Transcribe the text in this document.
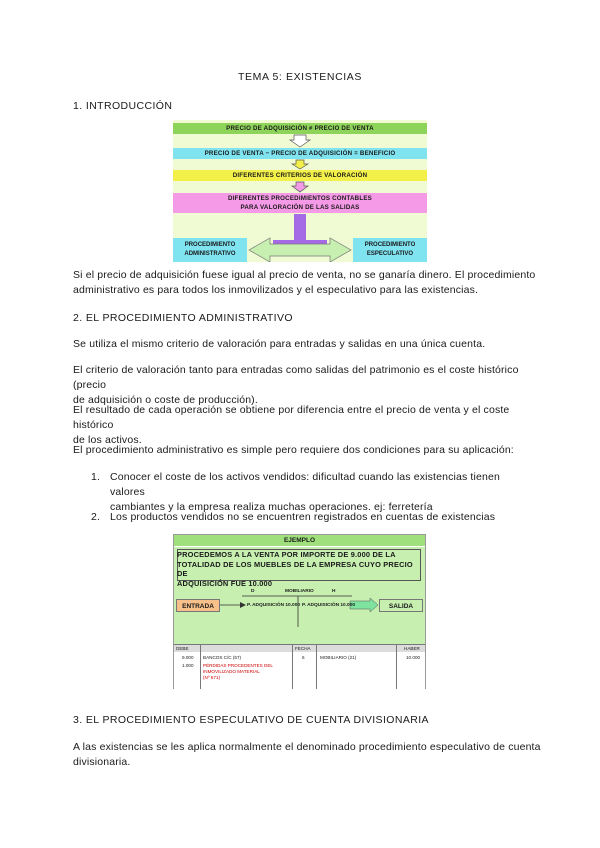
TEMA 5: EXISTENCIAS
1. INTRODUCCIÓN
PRECIO DE ADQUISICIÓN ≠ PRECIO DE VENTA
PRECIO DE VENTA − PRECIO DE ADQUISICIÓN = BENEFICIO
DIFERENTES CRITERIOS DE VALORACIÓN
DIFERENTES PROCEDIMIENTOS CONTABLES
PARA VALORACIÓN DE LAS SALIDAS
PROCEDIMIENTO
ADMINISTRATIVO
PROCEDIMIENTO
ESPECULATIVO
Si el precio de adquisición fuese igual al precio de venta, no se ganaría dinero. El procedimiento
administrativo es para todos los inmovilizados y el especulativo para las existencias.
2. EL PROCEDIMIENTO ADMINISTRATIVO
Se utiliza el mismo criterio de valoración para entradas y salidas en una única cuenta.
El criterio de valoración tanto para entradas como salidas del patrimonio es el coste histórico (precio
de adquisición o coste de producción).
El resultado de cada operación se obtiene por diferencia entre el precio de venta y el coste histórico
de los activos.
El procedimiento administrativo es simple pero requiere dos condiciones para su aplicación:
1. Conocer el coste de los activos vendidos: dificultad cuando las existencias tienen valores
cambiantes y la empresa realiza muchas operaciones. ej: ferretería
2. Los productos vendidos no se encuentren registrados en cuentas de existencias
EJEMPLO
PROCEDEMOS A LA VENTA POR IMPORTE DE 9.000 DE LA
TOTALIDAD DE LOS MUEBLES DE LA EMPRESA CUYO PRECIO DE
ADQUISICIÓN FUE 10.000
D	MOBILIARIO	H
ENTRADA	SALIDA
P. ADQUISICIÓN 10.000 P. ADQUISICIÓN 10.000
DEBE	FECHA	HABER
9.000 BANCOS C/C (57)	6	MOBILIARIO (21)	10.000
1.000 PÉRDIDAS PROCEDENTES DEL
INMOVILIZADO MATERIAL
(Nº 671)
3. EL PROCEDIMIENTO ESPECULATIVO DE CUENTA DIVISIONARIA
A las existencias se les aplica normalmente el denominado procedimiento especulativo de cuenta
divisionaria.
